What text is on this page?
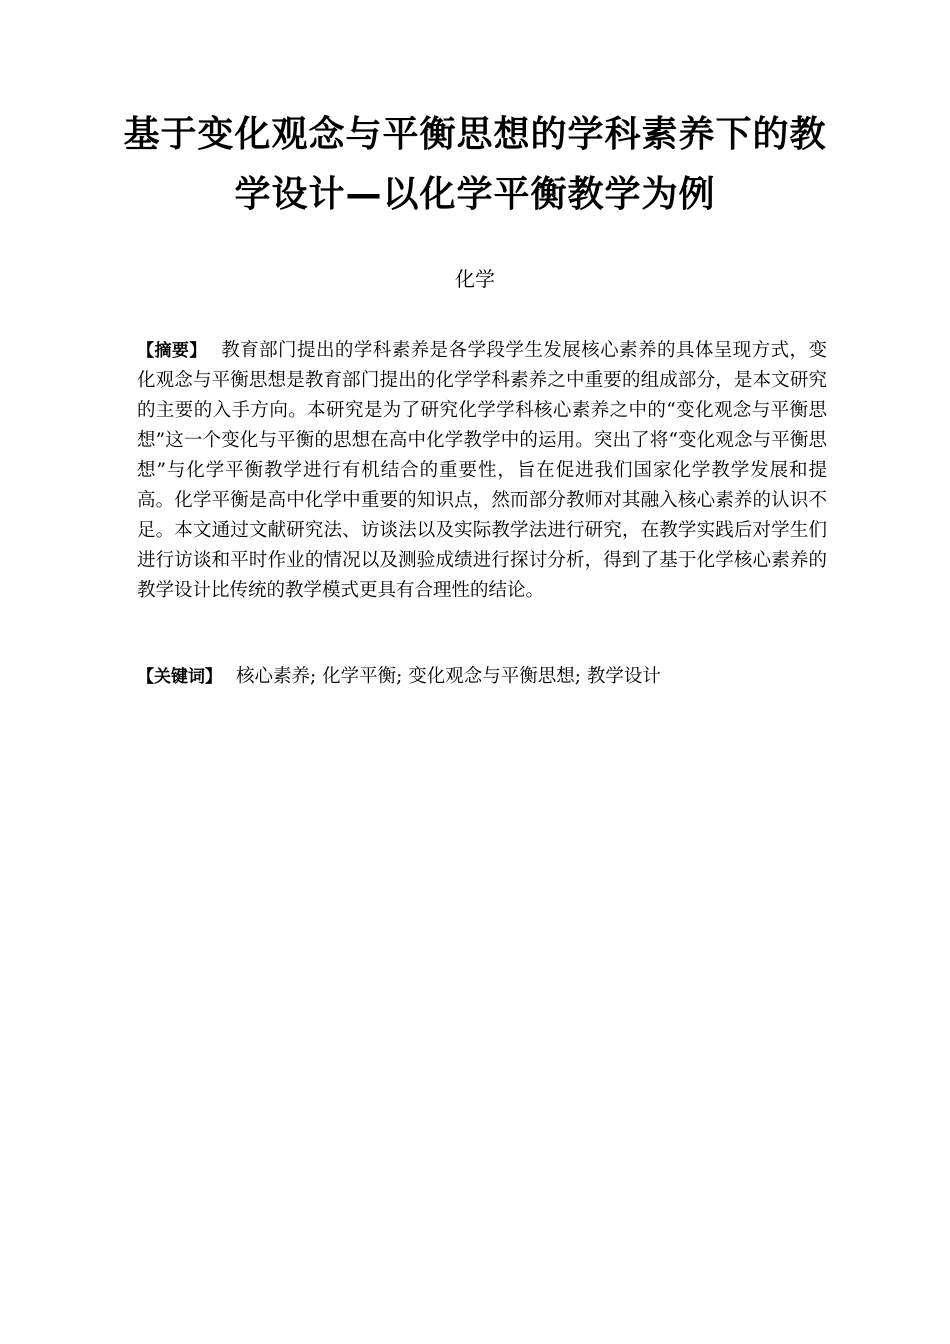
基于变化观念与平衡思想的学科素养下的教
学设计—以化学平衡教学为例
化学

【摘要】 教育部门提出的学科素养是各学段学生发展核心素养的具体呈现方式，变化观念与平衡思想是教育部门提出的化学学科素养之中重要的组成部分，是本文研究的主要的入手方向。本研究是为了研究化学学科核心素养之中的“变化观念与平衡思想”这一个变化与平衡的思想在高中化学教学中的运用。突出了将“变化观念与平衡思想”与化学平衡教学进行有机结合的重要性，旨在促进我们国家化学教学发展和提高。化学平衡是高中化学中重要的知识点，然而部分教师对其融入核心素养的认识不足。本文通过文献研究法、访谈法以及实际教学法进行研究，在教学实践后对学生们进行访谈和平时作业的情况以及测验成绩进行探讨分析，得到了基于化学核心素养的教学设计比传统的教学模式更具有合理性的结论。

【关键词】 核心素养; 化学平衡; 变化观念与平衡思想; 教学设计
